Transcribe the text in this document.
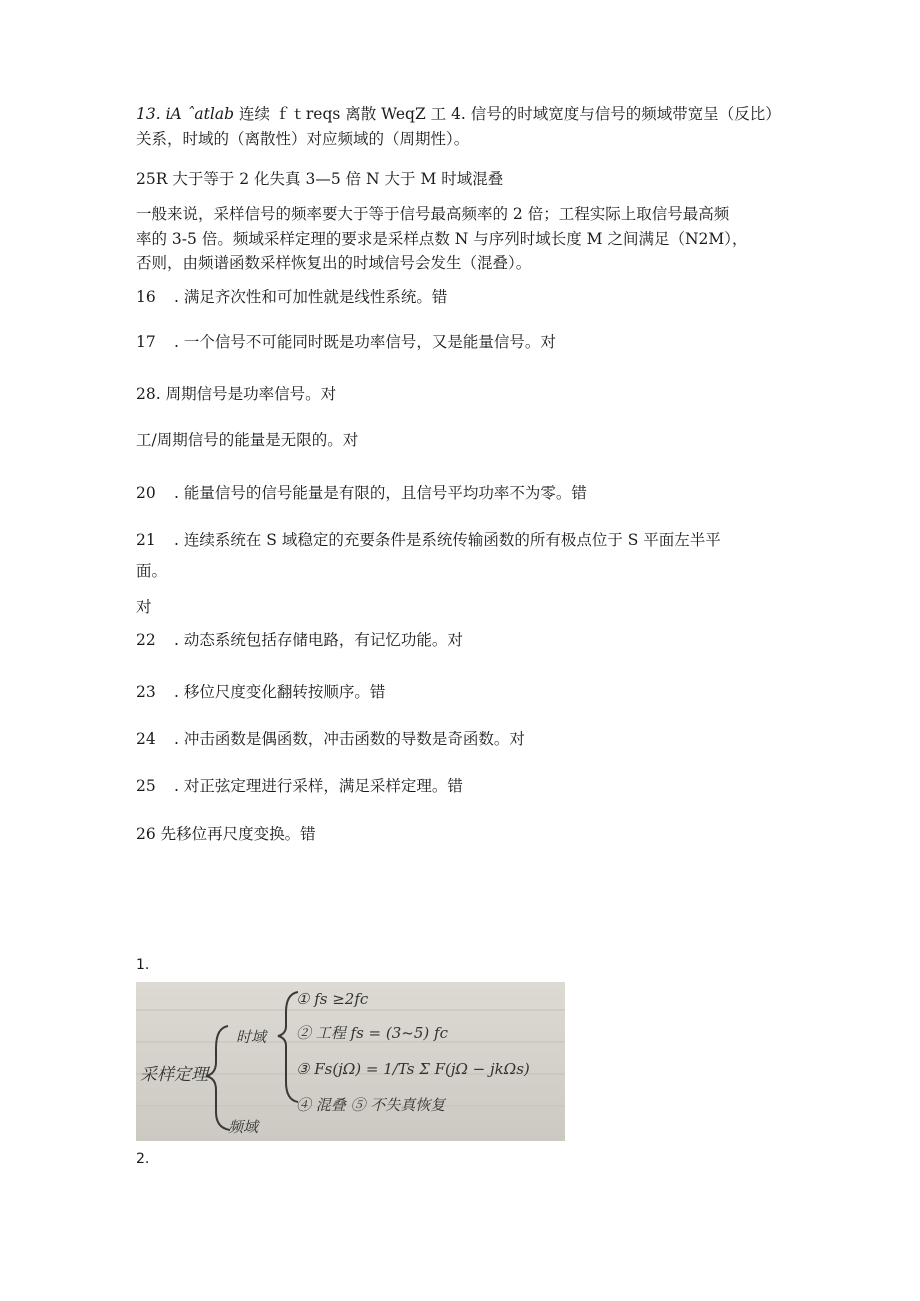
13. iA ˆatlab 连续 ｆｔreqs 离散 WeqZ 工 4. 信号的时域宽度与信号的频域带宽呈（反比）
关系，时域的（离散性）对应频域的（周期性）。
25R 大于等于 2 化失真 3—5 倍 N 大于 M 时域混叠
一般来说，采样信号的频率要大于等于信号最高频率的 2 倍；工程实际上取信号最高频
率的 3-5 倍。频域采样定理的要求是采样点数 N 与序列时域长度 M 之间满足（N2M），
否则，由频谱函数采样恢复出的时域信号会发生（混叠）。
16 . 满足齐次性和可加性就是线性系统。错
17 . 一个信号不可能同时既是功率信号，又是能量信号。对
28. 周期信号是功率信号。对
工/周期信号的能量是无限的。对
20 . 能量信号的信号能量是有限的，且信号平均功率不为零。错
21 . 连续系统在 S 域稳定的充要条件是系统传输函数的所有极点位于 S 平面左半平
面。
对
22 . 动态系统包括存储电路，有记忆功能。对
23 . 移位尺度变化翻转按顺序。错
24 . 冲击函数是偶函数，冲击函数的导数是奇函数。对
25 . 对正弦定理进行采样，满足采样定理。错
26 先移位再尺度变换。错
1.
采样定理
时域
频域
① fs ≥2fc
② 工程 fs = (3~5) fc
③ Fs(jΩ) = 1/Ts Σ F(jΩ − jkΩs)
④ 混叠 ⑤ 不失真恢复
2.
